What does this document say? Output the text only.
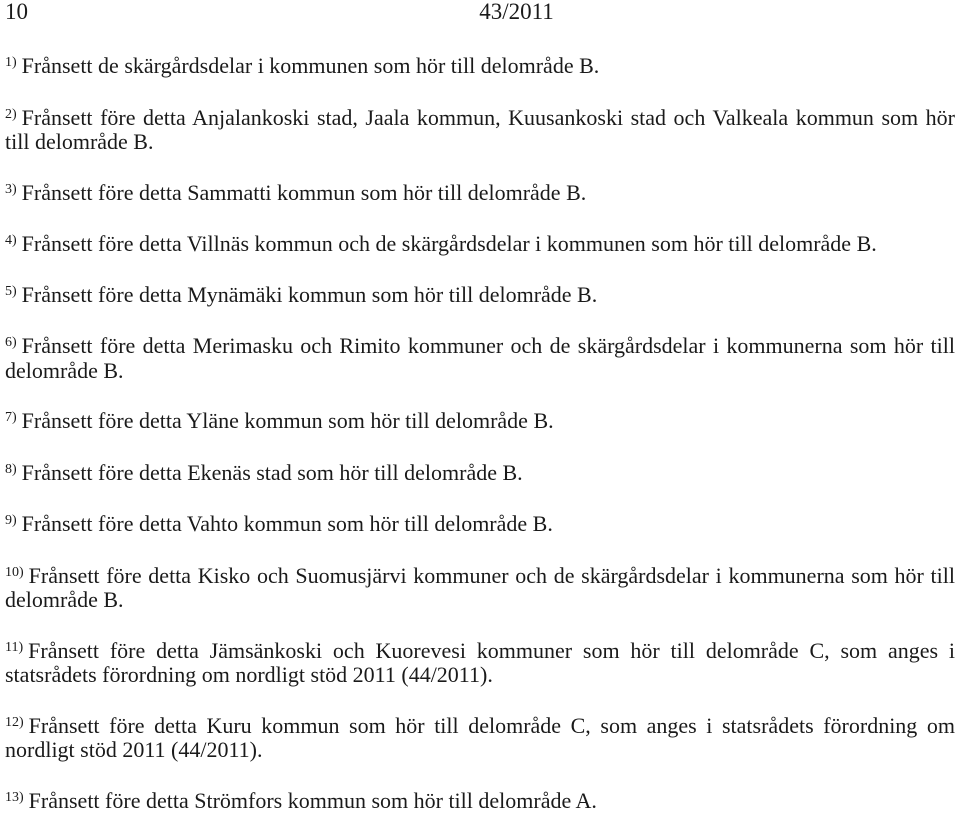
10	43/2011
$^{1)}$ Frånsett de skärgårdsdelar i kommunen som hör till delområde B.
$^{2)}$ Frånsett före detta Anjalankoski stad, Jaala kommun, Kuusankoski stad och Valkeala kommun som hör till delområde B.
$^{3)}$ Frånsett före detta Sammatti kommun som hör till delområde B.
$^{4)}$ Frånsett före detta Villnäs kommun och de skärgårdsdelar i kommunen som hör till delområde B.
$^{5)}$ Frånsett före detta Mynämäki kommun som hör till delområde B.
$^{6)}$ Frånsett före detta Merimasku och Rimito kommuner och de skärgårdsdelar i kommunerna som hör till delområde B.
$^{7)}$ Frånsett före detta Yläne kommun som hör till delområde B.
$^{8)}$ Frånsett före detta Ekenäs stad som hör till delområde B.
$^{9)}$ Frånsett före detta Vahto kommun som hör till delområde B.
$^{10)}$ Frånsett före detta Kisko och Suomusjärvi kommuner och de skärgårdsdelar i kommunerna som hör till delområde B.
$^{11)}$ Frånsett före detta Jämsänkoski och Kuorevesi kommuner som hör till delområde C, som anges i statsrådets förordning om nordligt stöd 2011 (44/2011).
$^{12)}$ Frånsett före detta Kuru kommun som hör till delområde C, som anges i statsrådets förordning om nordligt stöd 2011 (44/2011).
$^{13)}$ Frånsett före detta Strömfors kommun som hör till delområde A.
